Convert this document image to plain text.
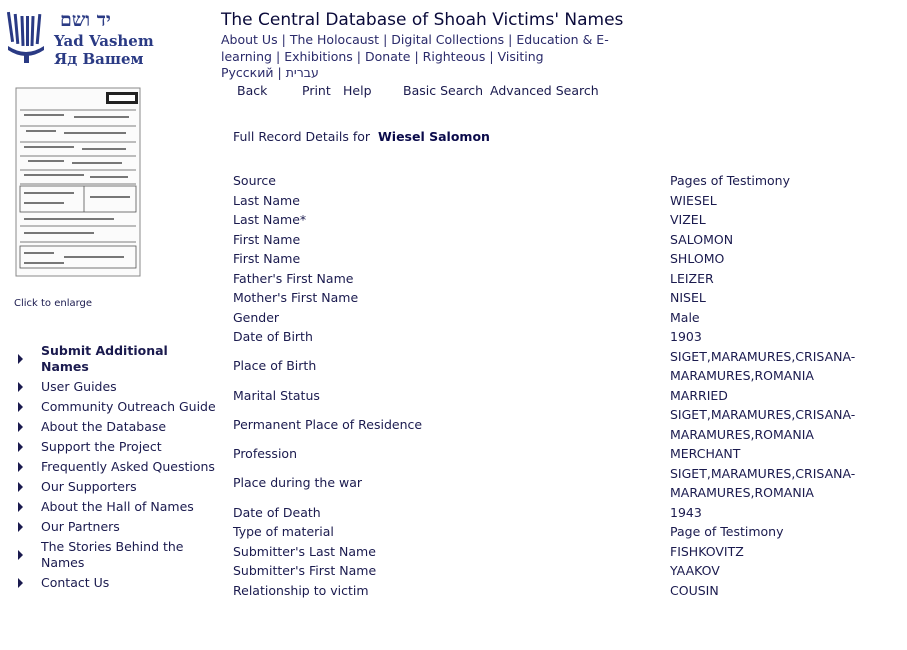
יד ושם
Yad Vashem
Яд Вашем
The Central Database of Shoah Victims' Names
About Us | The Holocaust | Digital Collections | Education & E-learning | Exhibitions | Donate | Righteous | Visiting
Русский | עברית
Click to enlarge
Submit Additional Names
User Guides
Community Outreach Guide
About the Database
Support the Project
Frequently Asked Questions
Our Supporters
About the Hall of Names
Our Partners
The Stories Behind the Names
Contact Us
Back	Print Help	Basic Search Advanced Search
Full Record Details for Wiesel Salomon
Source	Pages of Testimony
Last Name	WIESEL
Last Name*	VIZEL
First Name	SALOMON
First Name	SHLOMO
Father's First Name	LEIZER
Mother's First Name	NISEL
Gender	Male
Date of Birth	1903
Place of Birth	SIGET,MARAMURES,CRISANA-MARAMURES,ROMANIA
Marital Status	MARRIED
Permanent Place of Residence	SIGET,MARAMURES,CRISANA-MARAMURES,ROMANIA
Profession	MERCHANT
Place during the war	SIGET,MARAMURES,CRISANA-MARAMURES,ROMANIA
Date of Death	1943
Type of material	Page of Testimony
Submitter's Last Name	FISHKOVITZ
Submitter's First Name	YAAKOV
Relationship to victim	COUSIN
